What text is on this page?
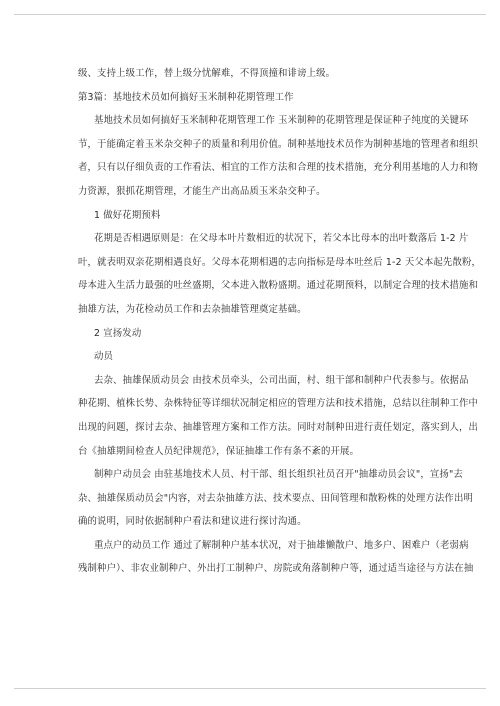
级、支持上级工作，替上级分忧解难，不得顶撞和诽谤上级。
第3篇：基地技术员如何搞好玉米制种花期管理工作
基地技术员如何搞好玉米制种花期管理工作 玉米制种的花期管理是保证种子纯度的关键环
节，于能确定着玉米杂交种子的质量和利用价值。制种基地技术员作为制种基地的管理者和组织
者，只有以仔细负责的工作看法、相宜的工作方法和合理的技术措施，充分利用基地的人力和物
力资源，狠抓花期管理，才能生产出高品质玉米杂交种子。
1 做好花期预料
花期是否相遇原则是：在父母本叶片数相近的状况下，若父本比母本的出叶数落后 1-2 片
叶，就表明双亲花期相遇良好。父母本花期相遇的志向指标是母本吐丝后 1-2 天父本起先散粉，
母本进入生活力最强的吐丝盛期，父本进入散粉盛期。通过花期预料，以制定合理的技术措施和
抽雄方法，为花检动员工作和去杂抽雄管理奠定基础。
2 宣扬发动
动员
去杂、抽雄保质动员会 由技术员牵头，公司出面，村、组干部和制种户代表参与。依据品
种花期、植株长势、杂株特征等详细状况制定相应的管理方法和技术措施，总结以往制种工作中
出现的问题，探讨去杂、抽雄管理方案和工作方法。同时对制种田进行责任划定，落实到人，出
台《抽雄期间检查人员纪律规范》，保证抽雄工作有条不紊的开展。
制种户动员会 由驻基地技术人员、村干部、组长组织社员召开"抽雄动员会议"，宣扬"去
杂、抽雄保质动员会"内容，对去杂抽雄方法、技术要点、田间管理和散粉株的处理方法作出明
确的说明，同时依据制种户看法和建议进行探讨沟通。
重点户的动员工作 通过了解制种户基本状况，对于抽雄懒散户、地多户、困难户（老弱病
残制种户）、非农业制种户、外出打工制种户、房院或角落制种户等，通过适当途径与方法在抽
